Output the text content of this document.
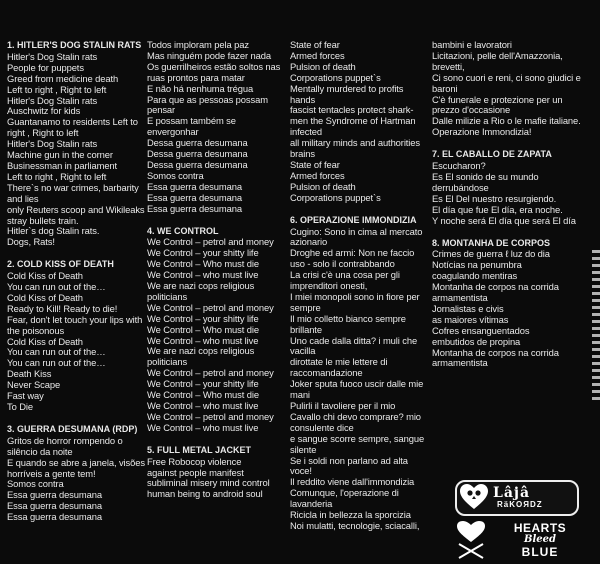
1. HITLER'S DOG STALIN RATS
Hitler's Dog Stalin rats
People for puppets
Greed from medicine death
Left to right , Right to left
Hitler's Dog Stalin rats
Auschwitz for kids
Guantanamo to residents Left to right , Right to left
Hitler's Dog Stalin rats
Machine gun in the corner
Businessman in parliament
Left to right , Right to left
There`s no war crimes, barbarity and lies
only Reuters scoop and Wikileaks stray bullets train.
Hitler`s dog Stalin rats.
Dogs, Rats!
2. COLD KISS OF DEATH
Cold Kiss of Death
You can run out of the…
Cold Kiss of Death
Ready to Kill! Ready to die!
Fear, don't let touch your lips with the poisonous
Cold Kiss of Death
You can run out of the…
You can run out of the…
Death Kiss
Never Scape
Fast way
To Die
3. GUERRA DESUMANA (RDP)
Gritos de horror rompendo o silêncio da noite
E quando se abre a janela, visões horríveis a gente tem!
Somos contra
Essa guerra desumana
Essa guerra desumana
Essa guerra desumana
Todos imploram pela paz
Mas ninguém pode fazer nada
Os guerrilheiros estão soltos nas ruas prontos para matar
E não há nenhuma trégua
Para que as pessoas possam pensar
E possam também se envergonhar
Dessa guerra desumana
Dessa guerra desumana
Dessa guerra desumana
Somos contra
Essa guerra desumana
Essa guerra desumana
Essa guerra desumana
4. WE CONTROL
We Control – petrol and money
We Control – your shitty life
We Control – Who must die
We Control – who must live
We are nazi cops religious politicians
We Control – petrol and money
We Control – your shitty life
We Control – Who must die
We Control – who must live
We are nazi cops religious politicians
We Control – petrol and money
We Control – your shitty life
We Control – Who must die
We Control – who must live
We Control – petrol and money
We Control – who must live
5. FULL METAL JACKET
Free Robocop violence
against people manifest
subliminal misery mind control
human being to android soul
State of fear
Armed forces
Pulsion of death
Corporations puppet`s
Mentally murdered to profits hands
fascist tentacles protect shark-men the Syndrome of Hartman infected
all military minds and authorities brains
State of fear
Armed forces
Pulsion of death
Corporations puppet`s
6. OPERAZIONE IMMONDIZIA
Cugino: Sono in cima al mercato azionario
Droghe ed armi: Non ne faccio uso - solo il contrabbando
La crisi c'è una cosa per gli imprenditori onesti,
I miei monopoli sono in fiore per sempre
Il mio colletto bianco sempre brillante
Uno cade dalla ditta? i muli che vacilla
dirottate le mie lettere di raccomandazione
Joker sputa fuoco uscir dalle mie mani
Pulirli il tavoliere per il mio Cavallo chi devo comprare? mio consulente dice
e sangue scorre sempre, sangue silente
Se i soldi non parlano ad alta voce!
Il reddito viene dall'immondizia
Comunque, l'operazione di lavanderia
Ricicla in bellezza la sporcizia
Noi mulatti, tecnologie, sciacalli,
bambini e lavoratori
Licitazioni, pelle dell'Amazzonia, brevetti,
Ci sono cuori e reni, ci sono giudici e baroni
C'è funerale e protezione per un prezzo d'occasione
Dalle milizie a Rio o le mafie italiane.
Operazione Immondizia!
7. EL CABALLO DE ZAPATA
Escucharon?
Es El sonido de su mundo derrubándose
Es El Del nuestro resurgiendo.
El día que fue El día, era noche.
Y noche será El día que será El día
8. MONTANHA DE CORPOS
Crimes de guerra ℓ luz do dia
Notícias na penumbra
coagulando mentiras
Montanha de corpos na corrida armamentista
Jornalistas e civis
as maiores vítimas
Cofres ensanguentados
embutidos de propina
Montanha de corpos na corrida armamentista
Lâjâ
RäKOЯDZ
HEARTS
Bleed
BLUE
